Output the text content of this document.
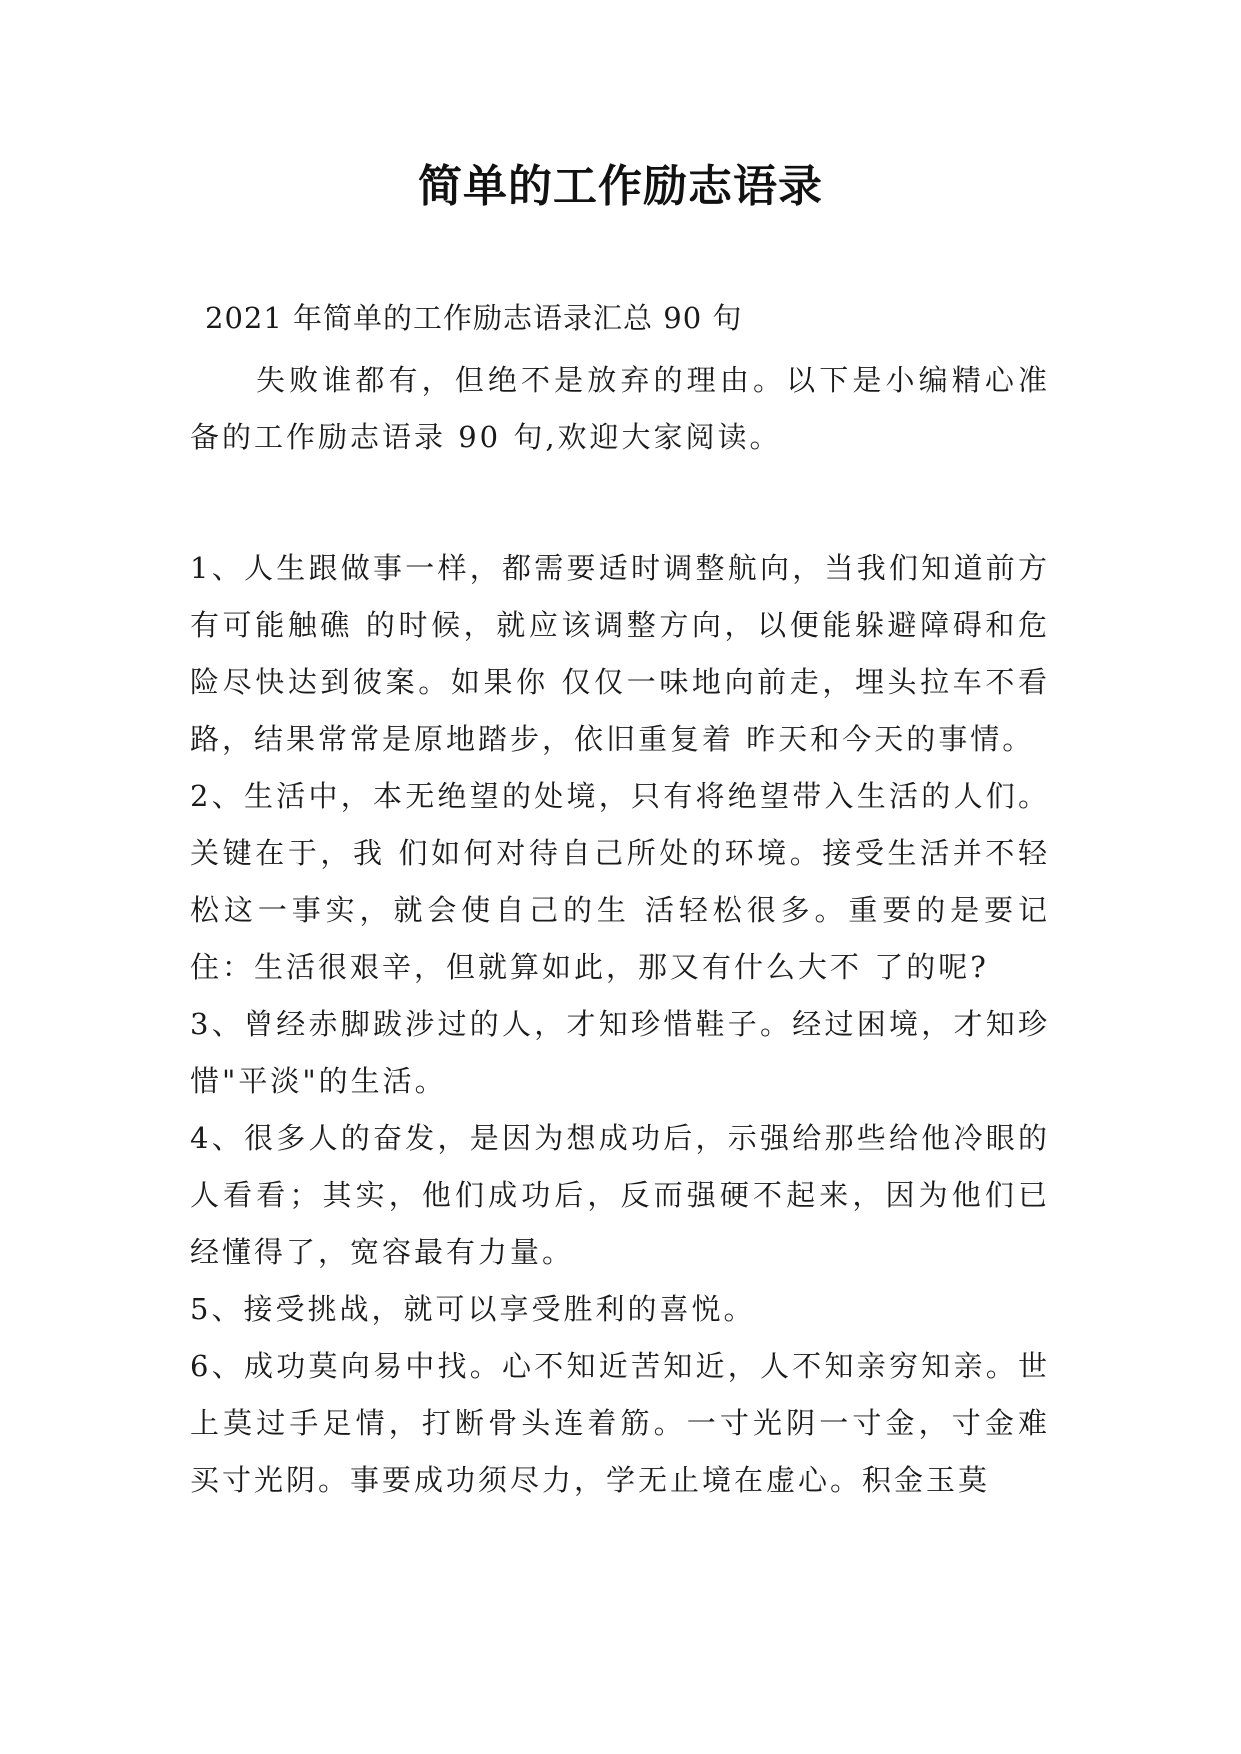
简单的工作励志语录
2021 年简单的工作励志语录汇总 90 句

失败谁都有，但绝不是放弃的理由。以下是小编精心准备的工作励志语录 90 句,欢迎大家阅读。

1、人生跟做事一样，都需要适时调整航向，当我们知道前方有可能触礁 的时候，就应该调整方向，以便能躲避障碍和危险尽快达到彼案。如果你 仅仅一味地向前走，埋头拉车不看路，结果常常是原地踏步，依旧重复着 昨天和今天的事情。

2、生活中，本无绝望的处境，只有将绝望带入生活的人们。关键在于，我 们如何对待自己所处的环境。接受生活并不轻松这一事实，就会使自己的生 活轻松很多。重要的是要记住：生活很艰辛，但就算如此，那又有什么大不 了的呢?

3、曾经赤脚跋涉过的人，才知珍惜鞋子。经过困境，才知珍惜"平淡"的生活。

4、很多人的奋发，是因为想成功后，示强给那些给他冷眼的人看看；其实，他们成功后，反而强硬不起来，因为他们已经懂得了，宽容最有力量。

5、接受挑战，就可以享受胜利的喜悦。

6、成功莫向易中找。心不知近苦知近，人不知亲穷知亲。世上莫过手足情，打断骨头连着筋。一寸光阴一寸金，寸金难买寸光阴。事要成功须尽力，学无止境在虚心。积金玉莫
